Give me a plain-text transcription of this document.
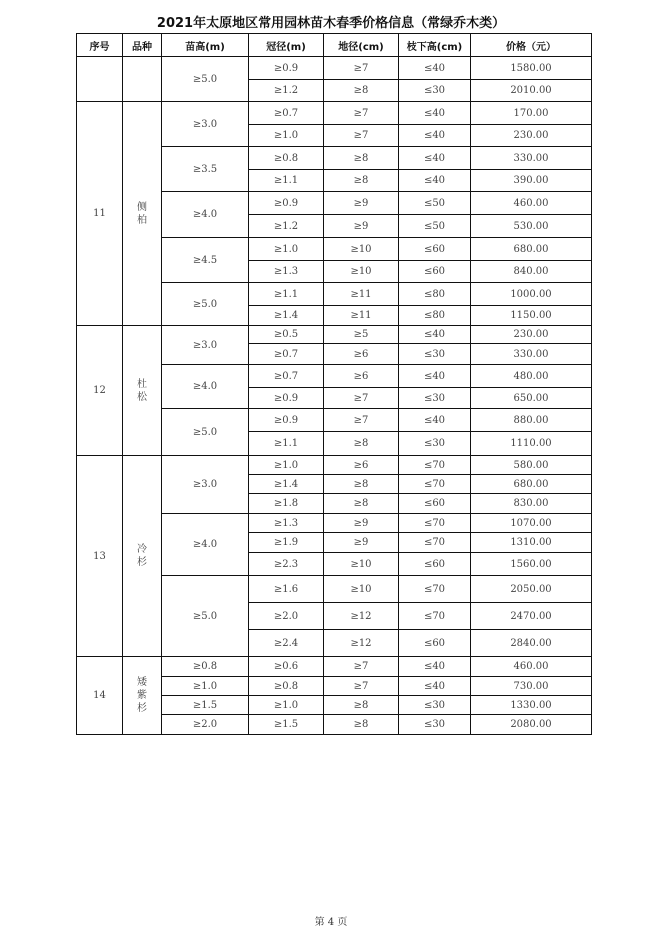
2021年太原地区常用园林苗木春季价格信息（常绿乔木类）
序号	品种	苗高(m)	冠径(m)	地径(cm)	枝下高(cm)	价格（元）
		≥5.0	≥0.9	≥7	≤40	1580.00
			≥1.2	≥8	≤30	2010.00
11	侧柏	≥3.0	≥0.7	≥7	≤40	170.00
			≥1.0	≥7	≤40	230.00
		≥3.5	≥0.8	≥8	≤40	330.00
			≥1.1	≥8	≤40	390.00
		≥4.0	≥0.9	≥9	≤50	460.00
			≥1.2	≥9	≤50	530.00
		≥4.5	≥1.0	≥10	≤60	680.00
			≥1.3	≥10	≤60	840.00
		≥5.0	≥1.1	≥11	≤80	1000.00
			≥1.4	≥11	≤80	1150.00
12	杜松	≥3.0	≥0.5	≥5	≤40	230.00
			≥0.7	≥6	≤30	330.00
		≥4.0	≥0.7	≥6	≤40	480.00
			≥0.9	≥7	≤30	650.00
		≥5.0	≥0.9	≥7	≤40	880.00
			≥1.1	≥8	≤30	1110.00
13	冷杉	≥3.0	≥1.0	≥6	≤70	580.00
			≥1.4	≥8	≤70	680.00
			≥1.8	≥8	≤60	830.00
		≥4.0	≥1.3	≥9	≤70	1070.00
			≥1.9	≥9	≤70	1310.00
			≥2.3	≥10	≤60	1560.00
		≥5.0	≥1.6	≥10	≤70	2050.00
			≥2.0	≥12	≤70	2470.00
			≥2.4	≥12	≤60	2840.00
14	矮紫杉	≥0.8	≥0.6	≥7	≤40	460.00
		≥1.0	≥0.8	≥7	≤40	730.00
		≥1.5	≥1.0	≥8	≤30	1330.00
		≥2.0	≥1.5	≥8	≤30	2080.00
第 4 页
